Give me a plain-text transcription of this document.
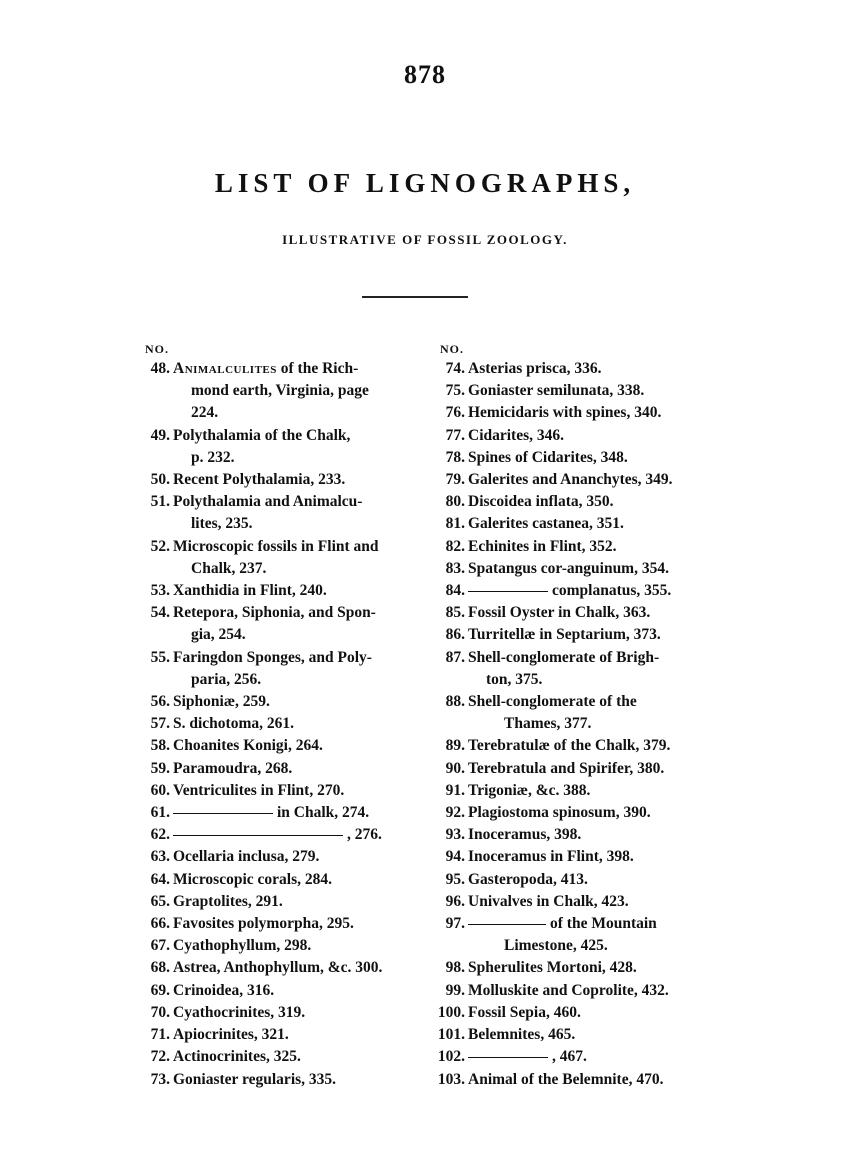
878
LIST OF LIGNOGRAPHS,
ILLUSTRATIVE OF FOSSIL ZOOLOGY.
NO.
48. Animalculites of the Rich-
mond earth, Virginia, page
224.
49. Polythalamia of the Chalk,
p. 232.
50. Recent Polythalamia, 233.
51. Polythalamia and Animalcu-
lites, 235.
52. Microscopic fossils in Flint and
Chalk, 237.
53. Xanthidia in Flint, 240.
54. Retepora, Siphonia, and Spon-
gia, 254.
55. Faringdon Sponges, and Poly-
paria, 256.
56. Siphoniæ, 259.
57. S. dichotoma, 261.
58. Choanites Konigi, 264.
59. Paramoudra, 268.
60. Ventriculites in Flint, 270.
61.	in Chalk, 274.
62.	, 276.
63. Ocellaria inclusa, 279.
64. Microscopic corals, 284.
65. Graptolites, 291.
66. Favosites polymorpha, 295.
67. Cyathophyllum, 298.
68. Astrea, Anthophyllum, &c. 300.
69. Crinoidea, 316.
70. Cyathocrinites, 319.
71. Apiocrinites, 321.
72. Actinocrinites, 325.
73. Goniaster regularis, 335.
NO.
74. Asterias prisca, 336.
75. Goniaster semilunata, 338.
76. Hemicidaris with spines, 340.
77. Cidarites, 346.
78. Spines of Cidarites, 348.
79. Galerites and Ananchytes, 349.
80. Discoidea inflata, 350.
81. Galerites castanea, 351.
82. Echinites in Flint, 352.
83. Spatangus cor-anguinum, 354.
84.	complanatus, 355.
85. Fossil Oyster in Chalk, 363.
86. Turritellæ in Septarium, 373.
87. Shell-conglomerate of Brigh-
ton, 375.
88. Shell-conglomerate of the
Thames, 377.
89. Terebratulæ of the Chalk, 379.
90. Terebratula and Spirifer, 380.
91. Trigoniæ, &c. 388.
92. Plagiostoma spinosum, 390.
93. Inoceramus, 398.
94. Inoceramus in Flint, 398.
95. Gasteropoda, 413.
96. Univalves in Chalk, 423.
97.	of the Mountain
Limestone, 425.
98. Spherulites Mortoni, 428.
99. Molluskite and Coprolite, 432.
100. Fossil Sepia, 460.
101. Belemnites, 465.
102.	, 467.
103. Animal of the Belemnite, 470.
